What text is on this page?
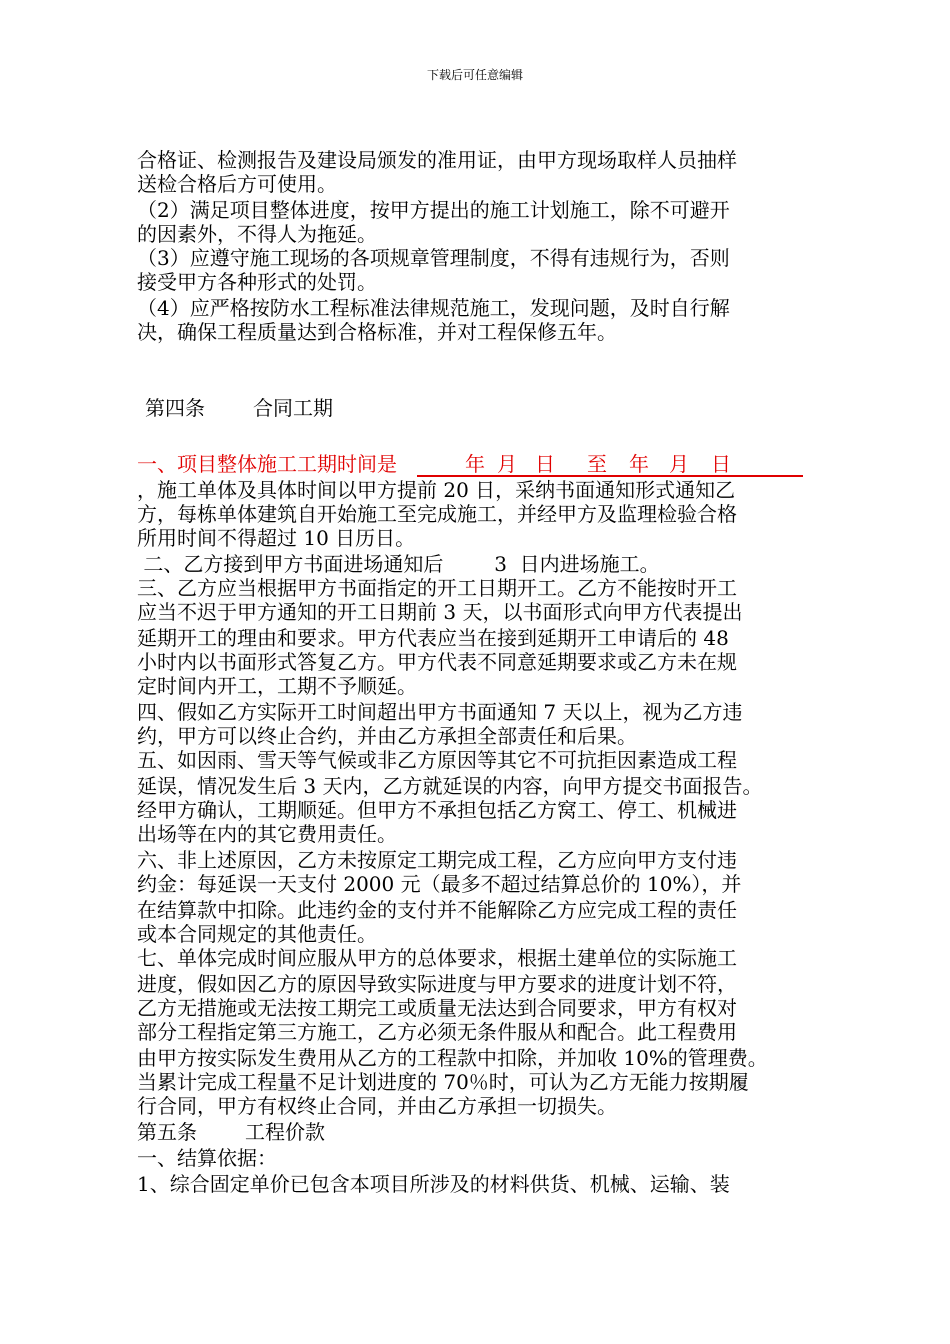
下载后可任意编辑
合格证、检测报告及建设局颁发的准用证，由甲方现场取样人员抽样
送检合格后方可使用。
（2）满足项目整体进度，按甲方提出的施工计划施工，除不可避开
的因素外，不得人为拖延。
（3）应遵守施工现场的各项规章管理制度，不得有违规行为，否则
接受甲方各种形式的处罚。
（4）应严格按防水工程标准法律规范施工，发现问题，及时自行解
决，确保工程质量达到合格标准，并对工程保修五年。
第四条 合同工期
一、项目整体施工工期时间是	年 月 日 至 年 月 日
，施工单体及具体时间以甲方提前 20 日，采纳书面通知形式通知乙
方，每栋单体建筑自开始施工至完成施工，并经甲方及监理检验合格
所用时间不得超过 10 日历日。
二、乙方接到甲方书面进场通知后        3  日内进场施工。
三、乙方应当根据甲方书面指定的开工日期开工。乙方不能按时开工
应当不迟于甲方通知的开工日期前 3 天，以书面形式向甲方代表提出
延期开工的理由和要求。甲方代表应当在接到延期开工申请后的 48
小时内以书面形式答复乙方。甲方代表不同意延期要求或乙方未在规
定时间内开工，工期不予顺延。
四、假如乙方实际开工时间超出甲方书面通知 7 天以上，视为乙方违
约，甲方可以终止合约，并由乙方承担全部责任和后果。
五、如因雨、雪天等气候或非乙方原因等其它不可抗拒因素造成工程
延误，情况发生后 3 天内，乙方就延误的内容，向甲方提交书面报告。
经甲方确认，工期顺延。但甲方不承担包括乙方窝工、停工、机械进
出场等在内的其它费用责任。
六、非上述原因，乙方未按原定工期完成工程，乙方应向甲方支付违
约金：每延误一天支付 2000 元（最多不超过结算总价的 10%），并
在结算款中扣除。此违约金的支付并不能解除乙方应完成工程的责任
或本合同规定的其他责任。
七、单体完成时间应服从甲方的总体要求，根据土建单位的实际施工
进度，假如因乙方的原因导致实际进度与甲方要求的进度计划不符，
乙方无措施或无法按工期完工或质量无法达到合同要求，甲方有权对
部分工程指定第三方施工，乙方必须无条件服从和配合。此工程费用
由甲方按实际发生费用从乙方的工程款中扣除，并加收 10%的管理费。
当累计完成工程量不足计划进度的 70％时，可认为乙方无能力按期履
行合同，甲方有权终止合同，并由乙方承担一切损失。
第五条 工程价款
一、结算依据：
1、综合固定单价已包含本项目所涉及的材料供货、机械、运输、装
